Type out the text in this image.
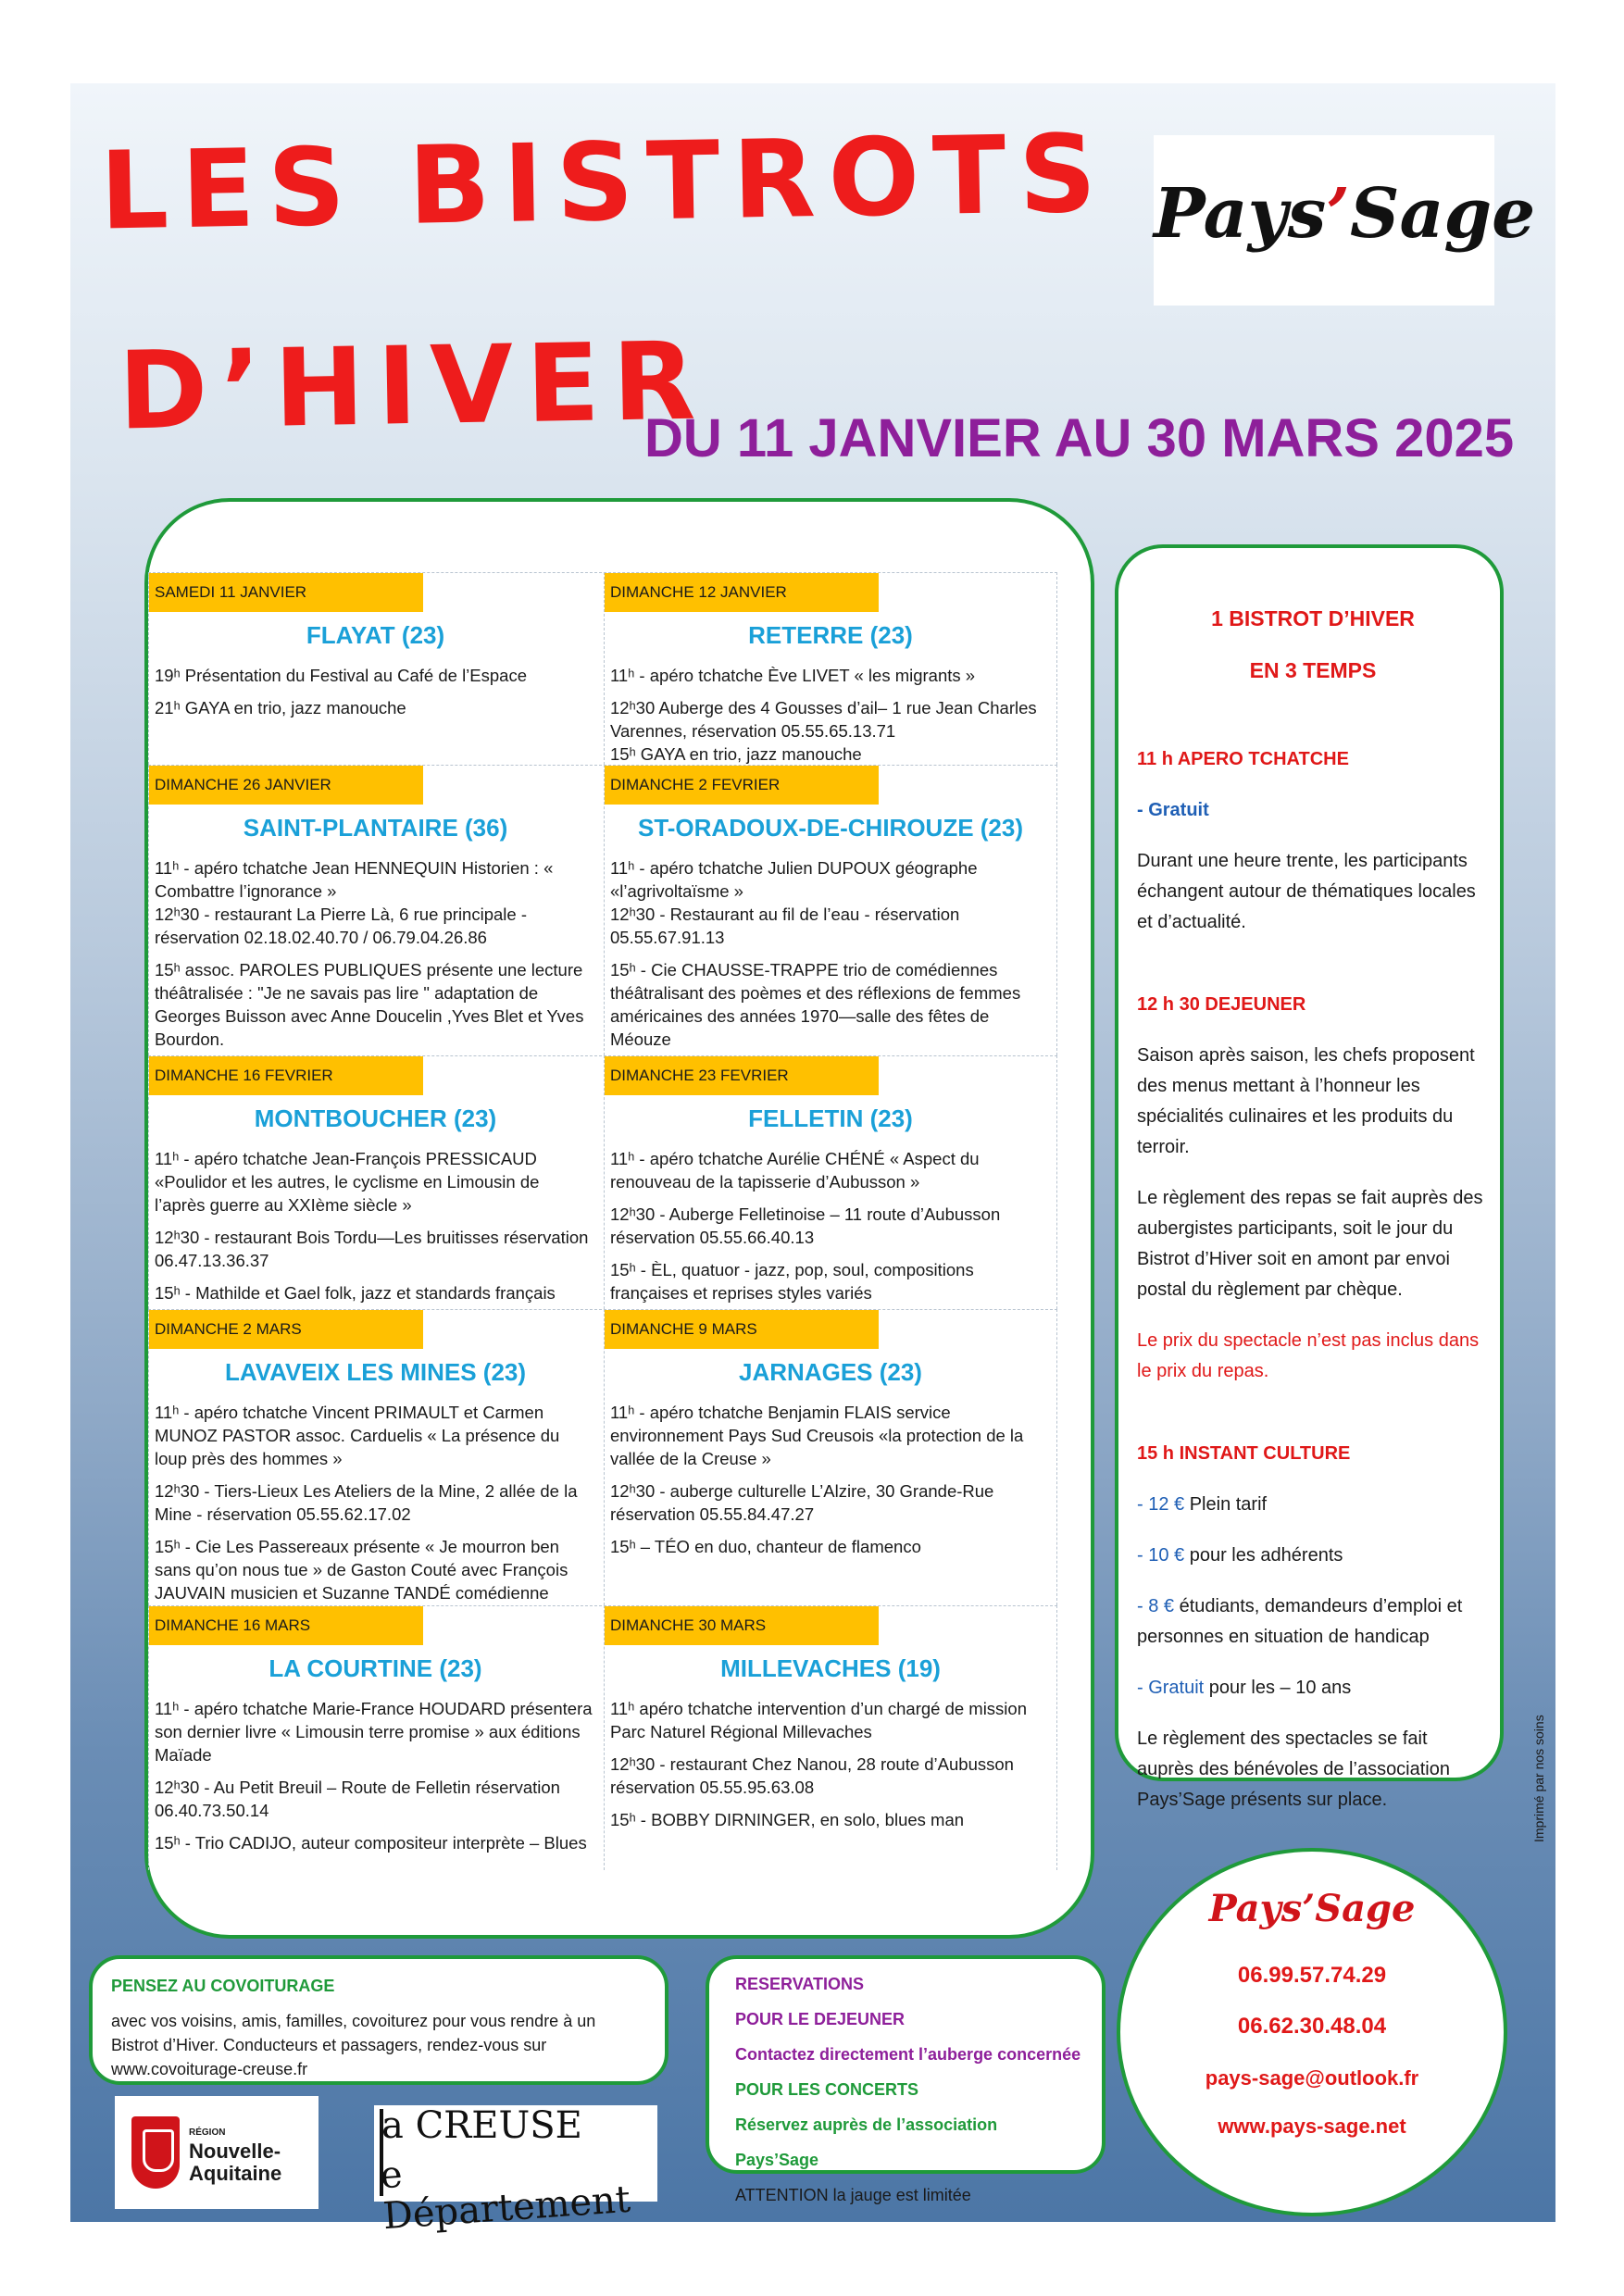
LES BISTROTS
D’HIVER
Pays’Sage
DU 11 JANVIER AU 30 MARS 2025
SAMEDI 11 JANVIER
FLAYAT (23)
19ʰ Présentation du Festival au Café de l’Espace
21ʰ GAYA en trio, jazz manouche
DIMANCHE 12 JANVIER
RETERRE (23)
11ʰ - apéro tchatche Ève LIVET « les migrants »
12ʰ30 Auberge des 4 Gousses d’ail– 1 rue Jean Charles Varennes, réservation 05.55.65.13.71
15ʰ GAYA en trio, jazz manouche
DIMANCHE 26 JANVIER
SAINT-PLANTAIRE (36)
11ʰ - apéro tchatche Jean HENNEQUIN Historien : « Combattre l’ignorance »
12ʰ30 - restaurant La Pierre Là, 6 rue principale - réservation 02.18.02.40.70 / 06.79.04.26.86
15ʰ assoc. PAROLES PUBLIQUES présente une lecture théâtralisée : "Je ne savais pas lire " adaptation de Georges Buisson avec Anne Doucelin ,Yves Blet et Yves Bourdon.
DIMANCHE 2 FEVRIER
ST-ORADOUX-DE-CHIROUZE (23)
11ʰ - apéro tchatche Julien DUPOUX géographe «l’agrivoltaïsme »
12ʰ30 - Restaurant au fil de l’eau - réservation 05.55.67.91.13
15ʰ - Cie CHAUSSE-TRAPPE trio de comédiennes théâtralisant des poèmes et des réflexions de femmes américaines des années 1970—salle des fêtes de Méouze
DIMANCHE 16 FEVRIER
MONTBOUCHER (23)
11ʰ - apéro tchatche Jean-François PRESSICAUD «Poulidor et les autres, le cyclisme en Limousin de l’après guerre au XXIème siècle »
12ʰ30 - restaurant Bois Tordu—Les bruitisses réservation 06.47.13.36.37
15ʰ - Mathilde et Gael folk, jazz et standards français
DIMANCHE 23 FEVRIER
FELLETIN (23)
11ʰ - apéro tchatche Aurélie CHÉNÉ « Aspect du renouveau de la tapisserie d’Aubusson »
12ʰ30 - Auberge Felletinoise – 11 route d’Aubusson réservation 05.55.66.40.13
15ʰ - ÈL, quatuor - jazz, pop, soul, compositions françaises et reprises styles variés
DIMANCHE 2 MARS
LAVAVEIX LES MINES (23)
11ʰ - apéro tchatche Vincent PRIMAULT et Carmen MUNOZ PASTOR assoc. Carduelis « La présence du loup près des hommes »
12ʰ30 - Tiers-Lieux Les Ateliers de la Mine, 2 allée de la Mine - réservation 05.55.62.17.02
15ʰ - Cie Les Passereaux présente « Je mourron ben sans qu’on nous tue » de Gaston Couté avec François JAUVAIN musicien et Suzanne TANDÉ comédienne
DIMANCHE 9 MARS
JARNAGES (23)
11ʰ - apéro tchatche Benjamin FLAIS service environnement Pays Sud Creusois «la protection de la vallée de la Creuse »
12ʰ30 - auberge culturelle L’Alzire, 30 Grande-Rue réservation 05.55.84.47.27
15ʰ – TÉO en duo, chanteur de flamenco
DIMANCHE 16 MARS
LA COURTINE (23)
11ʰ - apéro tchatche Marie-France HOUDARD présentera son dernier livre « Limousin terre promise » aux éditions Maïade
12ʰ30 - Au Petit Breuil – Route de Felletin réservation 06.40.73.50.14
15ʰ - Trio CADIJO, auteur compositeur interprète – Blues
DIMANCHE 30 MARS
MILLEVACHES (19)
11ʰ apéro tchatche intervention d’un chargé de mission Parc Naturel Régional Millevaches
12ʰ30 - restaurant Chez Nanou, 28 route d’Aubusson réservation 05.55.95.63.08
15ʰ - BOBBY DIRNINGER, en solo, blues man
1 BISTROT D’HIVER
EN 3 TEMPS
11 h APERO TCHATCHE
- Gratuit
Durant une heure trente, les participants échangent autour de thématiques locales et d’actualité.
12 h 30 DEJEUNER
Saison après saison, les chefs proposent des menus mettant à l’honneur les spécialités culinaires et les produits du terroir.
Le règlement des repas se fait auprès des aubergistes participants, soit le jour du Bistrot d’Hiver soit en amont par envoi postal du règlement par chèque.
Le prix du spectacle n’est pas inclus dans le prix du repas.
15 h INSTANT CULTURE
- 12 € Plein tarif
- 10 € pour les adhérents
- 8 € étudiants, demandeurs d’emploi et personnes en situation de handicap
- Gratuit pour les – 10 ans
Le règlement des spectacles se fait auprès des bénévoles de l’association Pays’Sage présents sur place.	Imprimé par nos soins
Pays’Sage
06.99.57.74.29
06.62.30.48.04
pays-sage@outlook.fr
www.pays-sage.net
PENSEZ AU COVOITURAGE
avec vos voisins, amis, familles, covoiturez pour vous rendre à un Bistrot d’Hiver. Conducteurs et passagers, rendez-vous sur www.covoiturage-creuse.fr
RESERVATIONS
POUR LE DEJEUNER
Contactez directement l’auberge concernée
POUR LES CONCERTS
Réservez auprès de l’association Pays’Sage
ATTENTION la jauge est limitée
RÉGION
Nouvelle-
Aquitaine
a CREUSE
e Département
